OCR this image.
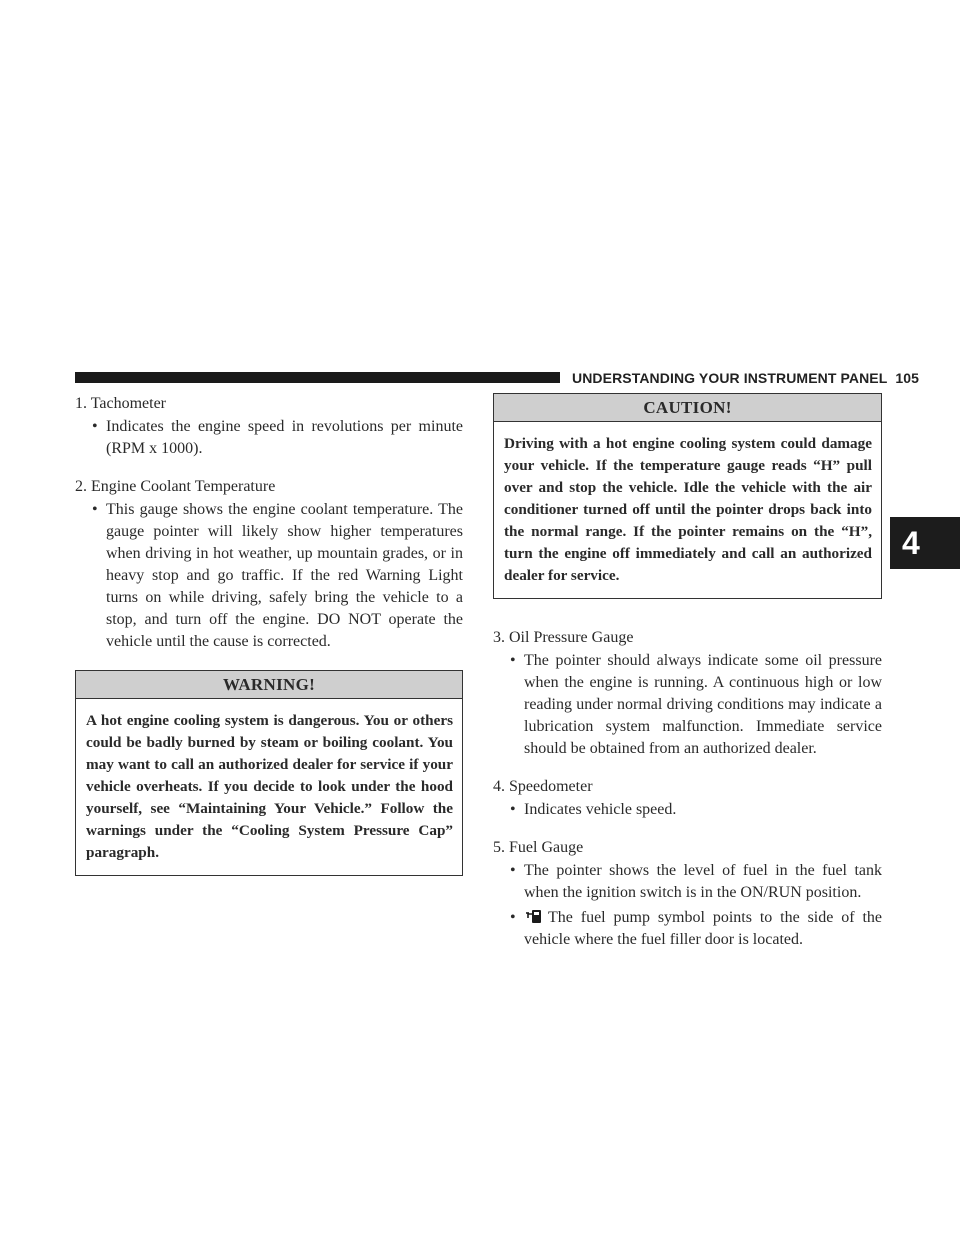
UNDERSTANDING YOUR INSTRUMENT PANEL 105
4
1. Tachometer
• Indicates the engine speed in revolutions per minute (RPM x 1000).
2. Engine Coolant Temperature
• This gauge shows the engine coolant temperature. The gauge pointer will likely show higher temperatures when driving in hot weather, up mountain grades, or in heavy stop and go traffic. If the red Warning Light turns on while driving, safely bring the vehicle to a stop, and turn off the engine. DO NOT operate the vehicle until the cause is corrected.
WARNING!
A hot engine cooling system is dangerous. You or others could be badly burned by steam or boiling coolant. You may want to call an authorized dealer for service if your vehicle overheats. If you decide to look under the hood yourself, see “Maintaining Your Vehicle.” Follow the warnings under the “Cooling System Pressure Cap” paragraph.
CAUTION!
Driving with a hot engine cooling system could damage your vehicle. If the temperature gauge reads “H” pull over and stop the vehicle. Idle the vehicle with the air conditioner turned off until the pointer drops back into the normal range. If the pointer remains on the “H”, turn the engine off immediately and call an authorized dealer for service.
3. Oil Pressure Gauge
• The pointer should always indicate some oil pressure when the engine is running. A continuous high or low reading under normal driving conditions may indicate a lubrication system malfunction. Immediate service should be obtained from an authorized dealer.
4. Speedometer
• Indicates vehicle speed.
5. Fuel Gauge
• The pointer shows the level of fuel in the fuel tank when the ignition switch is in the ON/RUN position.
• The fuel pump symbol points to the side of the vehicle where the fuel filler door is located.
